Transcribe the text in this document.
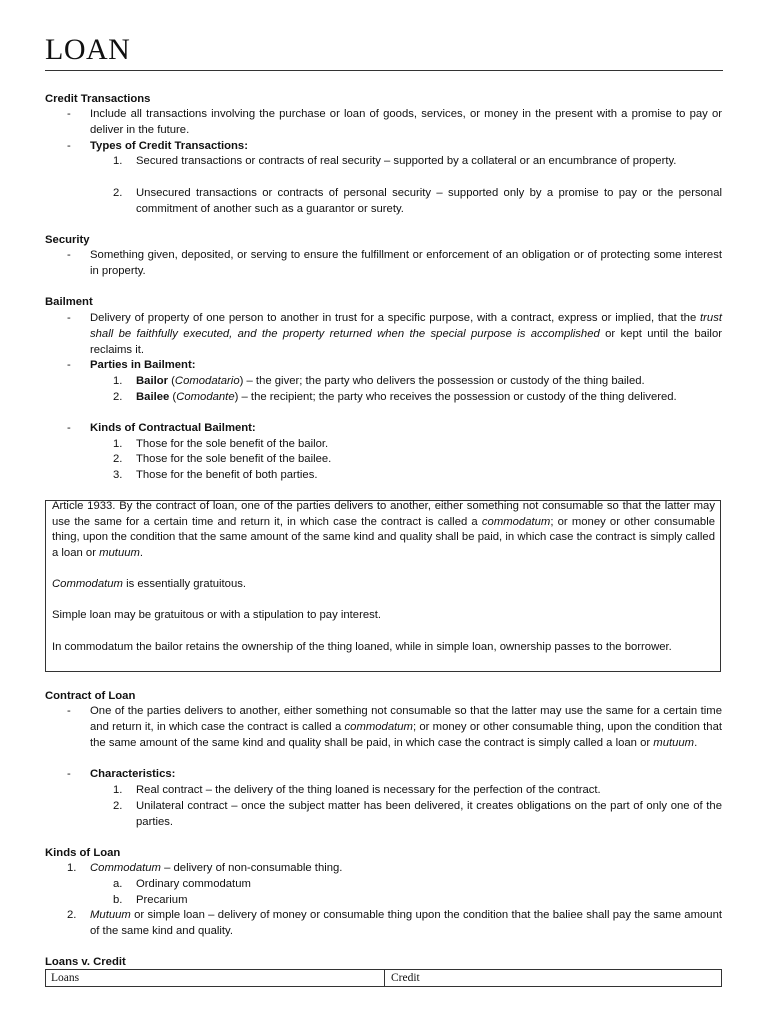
LOAN
Credit Transactions
- Include all transactions involving the purchase or loan of goods, services, or money in the present with a promise to pay or deliver in the future.
- Types of Credit Transactions:
1. Secured transactions or contracts of real security – supported by a collateral or an encumbrance of property.
2. Unsecured transactions or contracts of personal security – supported only by a promise to pay or the personal commitment of another such as a guarantor or surety.
Security
- Something given, deposited, or serving to ensure the fulfillment or enforcement of an obligation or of protecting some interest in property.
Bailment
- Delivery of property of one person to another in trust for a specific purpose, with a contract, express or implied, that the trust shall be faithfully executed, and the property returned when the special purpose is accomplished or kept until the bailor reclaims it.
- Parties in Bailment:
1. Bailor (Comodatario) – the giver; the party who delivers the possession or custody of the thing bailed.
2. Bailee (Comodante) – the recipient; the party who receives the possession or custody of the thing delivered.
- Kinds of Contractual Bailment:
1. Those for the sole benefit of the bailor.
2. Those for the sole benefit of the bailee.
3. Those for the benefit of both parties.
Article 1933. By the contract of loan, one of the parties delivers to another, either something not consumable so that the latter may use the same for a certain time and return it, in which case the contract is called a commodatum; or money or other consumable thing, upon the condition that the same amount of the same kind and quality shall be paid, in which case the contract is simply called a loan or mutuum.
Commodatum is essentially gratuitous.
Simple loan may be gratuitous or with a stipulation to pay interest.
In commodatum the bailor retains the ownership of the thing loaned, while in simple loan, ownership passes to the borrower.
Contract of Loan
- One of the parties delivers to another, either something not consumable so that the latter may use the same for a certain time and return it, in which case the contract is called a commodatum; or money or other consumable thing, upon the condition that the same amount of the same kind and quality shall be paid, in which case the contract is simply called a loan or mutuum.
- Characteristics:
1. Real contract – the delivery of the thing loaned is necessary for the perfection of the contract.
2. Unilateral contract – once the subject matter has been delivered, it creates obligations on the part of only one of the parties.
Kinds of Loan
1. Commodatum – delivery of non-consumable thing.
a. Ordinary commodatum
b. Precarium
2. Mutuum or simple loan – delivery of money or consumable thing upon the condition that the baliee shall pay the same amount of the same kind and quality.
Loans v. Credit
Loans	Credit
